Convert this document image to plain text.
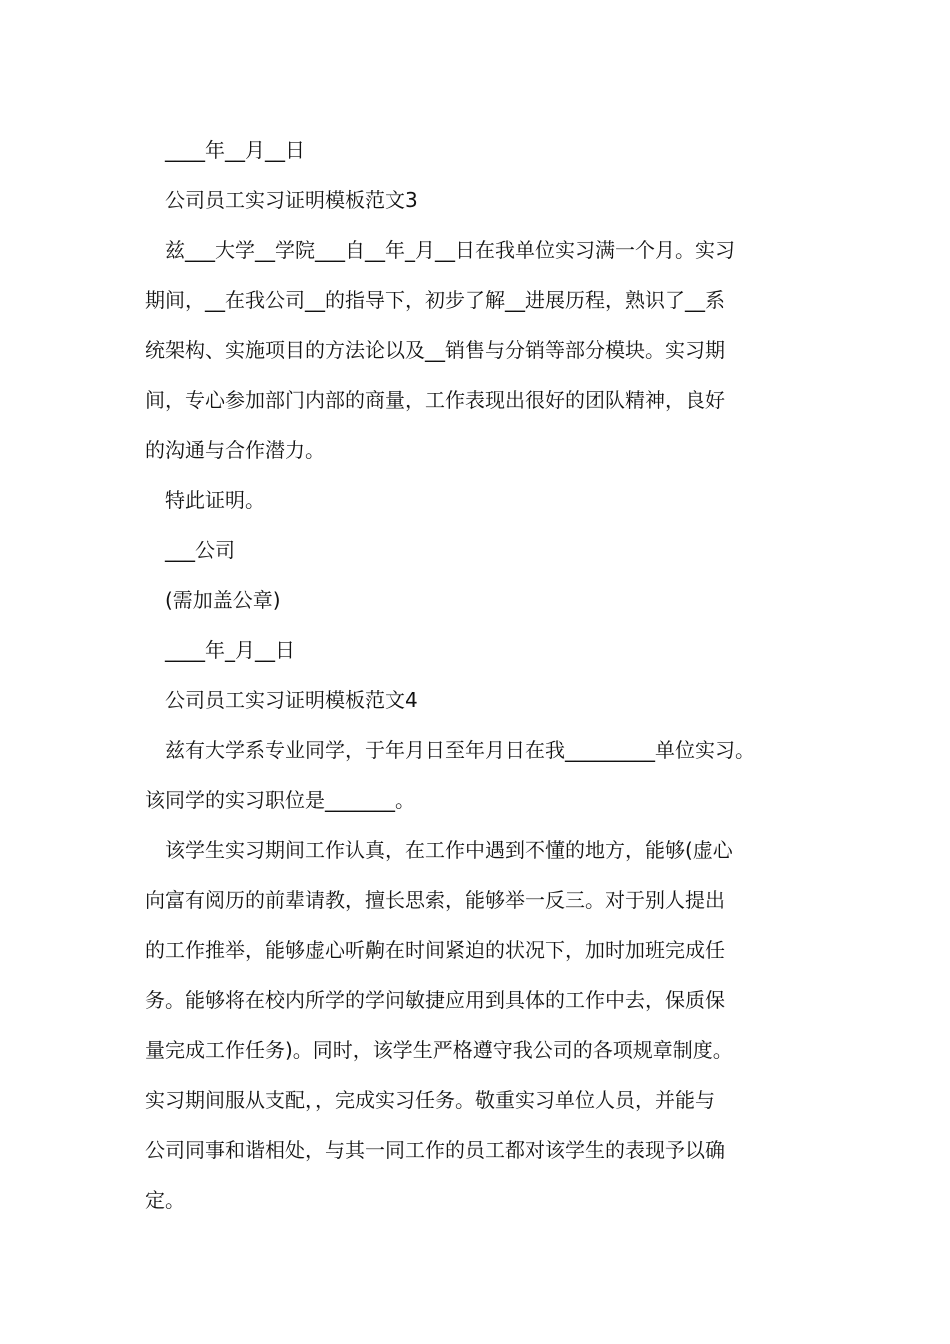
____年__月__日
公司员工实习证明模板范文3
兹___大学__学院___自__年_月__日在我单位实习满一个月。实习
期间，__在我公司__的指导下，初步了解__进展历程，熟识了__系
统架构、实施项目的方法论以及__销售与分销等部分模块。实习期
间，专心参加部门内部的商量，工作表现出很好的团队精神，良好
的沟通与合作潜力。
特此证明。
___公司
(需加盖公章)
____年_月__日
公司员工实习证明模板范文4
兹有大学系专业同学，于年月日至年月日在我_________单位实习。
该同学的实习职位是_______。
该学生实习期间工作认真，在工作中遇到不懂的地方，能够(虚心
向富有阅历的前辈请教，擅长思索，能够举一反三。对于别人提出
的工作推举，能够虚心听齁在时间紧迫的状况下，加时加班完成任
务。能够将在校内所学的学问敏捷应用到具体的工作中去，保质保
量完成工作任务)。同时，该学生严格遵守我公司的各项规章制度。
实习期间服从支配，，完成实习任务。敬重实习单位人员，并能与
公司同事和谐相处，与其一同工作的员工都对该学生的表现予以确
定。
